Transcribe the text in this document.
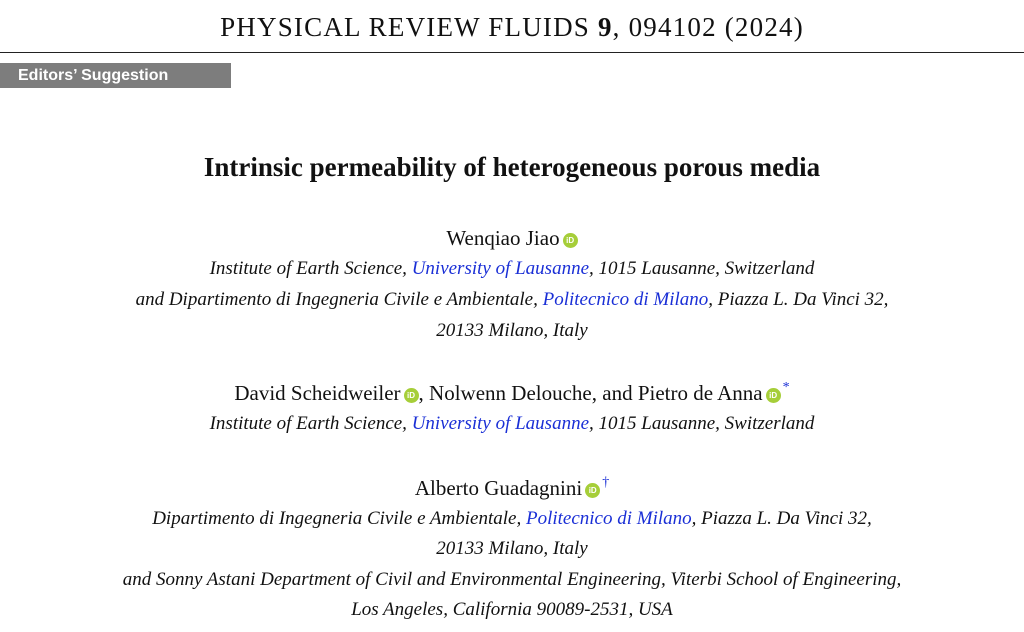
PHYSICAL REVIEW FLUIDS 9, 094102 (2024)
Editors’ Suggestion
Intrinsic permeability of heterogeneous porous media
Wenqiao Jiao iD
Institute of Earth Science, University of Lausanne, 1015 Lausanne, Switzerland
and Dipartimento di Ingegneria Civile e Ambientale, Politecnico di Milano, Piazza L. Da Vinci 32,
20133 Milano, Italy
David Scheidweiler iD , Nolwenn Delouche, and Pietro de Anna iD*
Institute of Earth Science, University of Lausanne, 1015 Lausanne, Switzerland
Alberto Guadagnini iD†
Dipartimento di Ingegneria Civile e Ambientale, Politecnico di Milano, Piazza L. Da Vinci 32,
20133 Milano, Italy
and Sonny Astani Department of Civil and Environmental Engineering, Viterbi School of Engineering,
Los Angeles, California 90089-2531, USA
